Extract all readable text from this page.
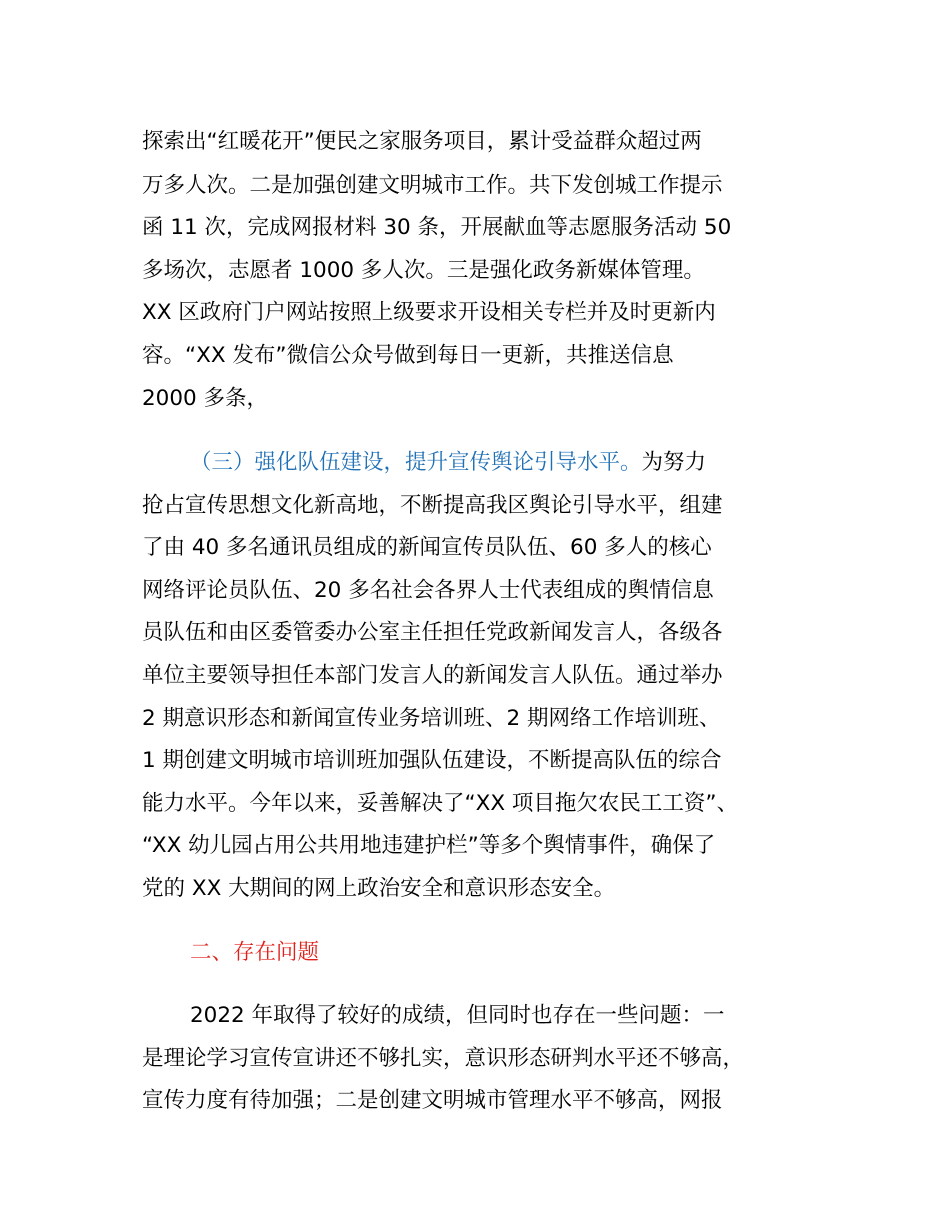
探索出“红暖花开”便民之家服务项目，累计受益群众超过两
万多人次。二是加强创建文明城市工作。共下发创城工作提示
函 11 次，完成网报材料 30 条，开展献血等志愿服务活动 50
多场次，志愿者 1000 多人次。三是强化政务新媒体管理。
XX 区政府门户网站按照上级要求开设相关专栏并及时更新内
容。“XX 发布”微信公众号做到每日一更新，共推送信息
2000 多条，
（三）强化队伍建设，提升宣传舆论引导水平。为努力
抢占宣传思想文化新高地，不断提高我区舆论引导水平，组建
了由 40 多名通讯员组成的新闻宣传员队伍、60 多人的核心
网络评论员队伍、20 多名社会各界人士代表组成的舆情信息
员队伍和由区委管委办公室主任担任党政新闻发言人，各级各
单位主要领导担任本部门发言人的新闻发言人队伍。通过举办
2 期意识形态和新闻宣传业务培训班、2 期网络工作培训班、
1 期创建文明城市培训班加强队伍建设，不断提高队伍的综合
能力水平。今年以来，妥善解决了“XX 项目拖欠农民工工资”、
“XX 幼儿园占用公共用地违建护栏”等多个舆情事件，确保了
党的 XX 大期间的网上政治安全和意识形态安全。
二、存在问题
2022 年取得了较好的成绩，但同时也存在一些问题：一
是理论学习宣传宣讲还不够扎实，意识形态研判水平还不够高，
宣传力度有待加强；二是创建文明城市管理水平不够高，网报
